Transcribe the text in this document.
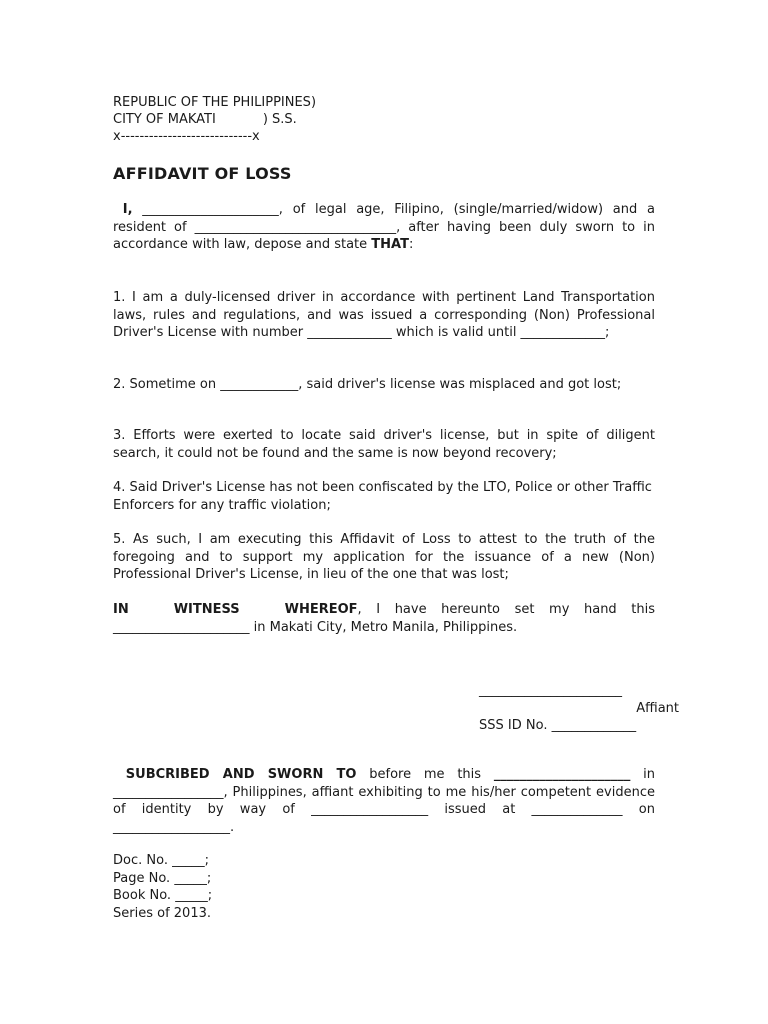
REPUBLIC OF THE PHILIPPINES)
CITY OF MAKATI	) S.S.
x----------------------------x
AFFIDAVIT OF LOSS

I, _____________________, of legal age, Filipino, (single/married/widow) and a resident of _______________________________, after having been duly sworn to in accordance with law, depose and state THAT:

1. I am a duly-licensed driver in accordance with pertinent Land Transportation laws, rules and regulations, and was issued a corresponding (Non) Professional Driver's License with number _____________ which is valid until _____________;

2. Sometime on ____________, said driver's license was misplaced and got lost;

3. Efforts were exerted to locate said driver's license, but in spite of diligent search, it could not be found and the same is now beyond recovery;

4. Said Driver's License has not been confiscated by the LTO, Police or other Traffic Enforcers for any traffic violation;

5. As such, I am executing this Affidavit of Loss to attest to the truth of the foregoing and to support my application for the issuance of a new (Non) Professional Driver's License, in lieu of the one that was lost;

IN WITNESS WHEREOF, I have hereunto set my hand this _____________________ in Makati City, Metro Manila, Philippines.

______________________
Affiant
SSS ID No. _____________

SUBCRIBED AND SWORN TO before me this _____________________ in _________________, Philippines, affiant exhibiting to me his/her competent evidence of identity by way of __________________ issued at ______________ on __________________.

Doc. No. _____;
Page No. _____;
Book No. _____;
Series of 2013.
